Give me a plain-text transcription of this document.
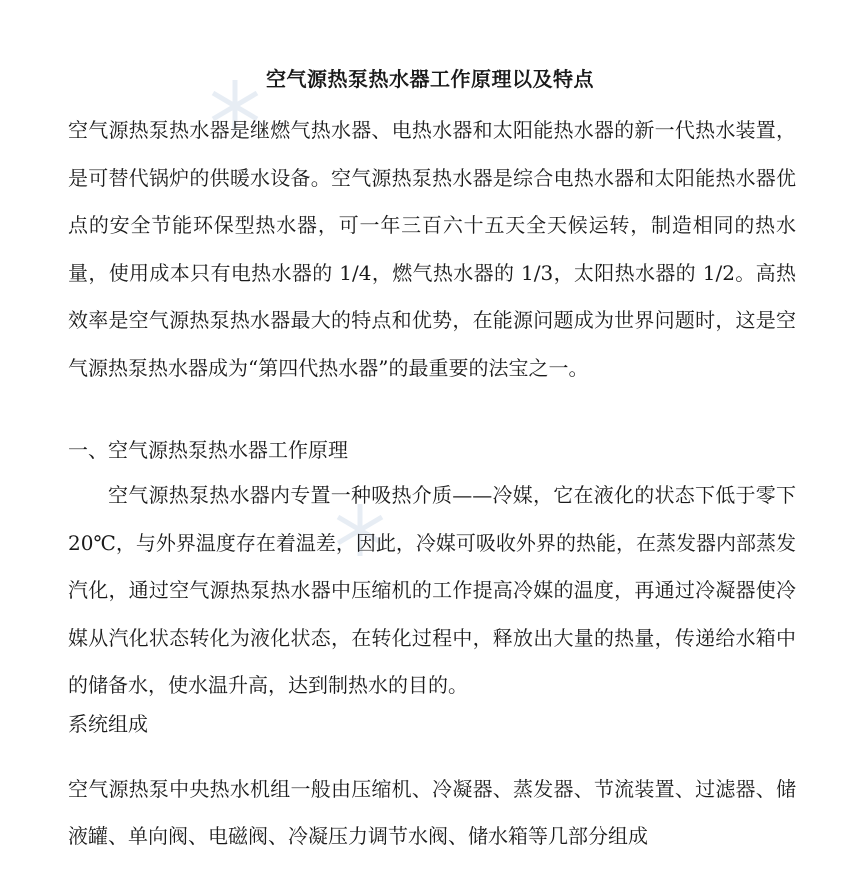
空气源热泵热水器工作原理以及特点

空气源热泵热水器是继燃气热水器、电热水器和太阳能热水器的新一代热水装置，是可替代锅炉的供暖水设备。空气源热泵热水器是综合电热水器和太阳能热水器优点的安全节能环保型热水器，可一年三百六十五天全天候运转，制造相同的热水量，使用成本只有电热水器的 1/4，燃气热水器的 1/3，太阳热水器的 1/2。高热效率是空气源热泵热水器最大的特点和优势，在能源问题成为世界问题时，这是空气源热泵热水器成为“第四代热水器”的最重要的法宝之一。

一、空气源热泵热水器工作原理

空气源热泵热水器内专置一种吸热介质——冷媒，它在液化的状态下低于零下 20℃，与外界温度存在着温差，因此，冷媒可吸收外界的热能，在蒸发器内部蒸发汽化，通过空气源热泵热水器中压缩机的工作提高冷媒的温度，再通过冷凝器使冷媒从汽化状态转化为液化状态，在转化过程中，释放出大量的热量，传递给水箱中的储备水，使水温升高，达到制热水的目的。

系统组成

空气源热泵中央热水机组一般由压缩机、冷凝器、蒸发器、节流装置、过滤器、储液罐、单向阀、电磁阀、冷凝压力调节水阀、储水箱等几部分组成
